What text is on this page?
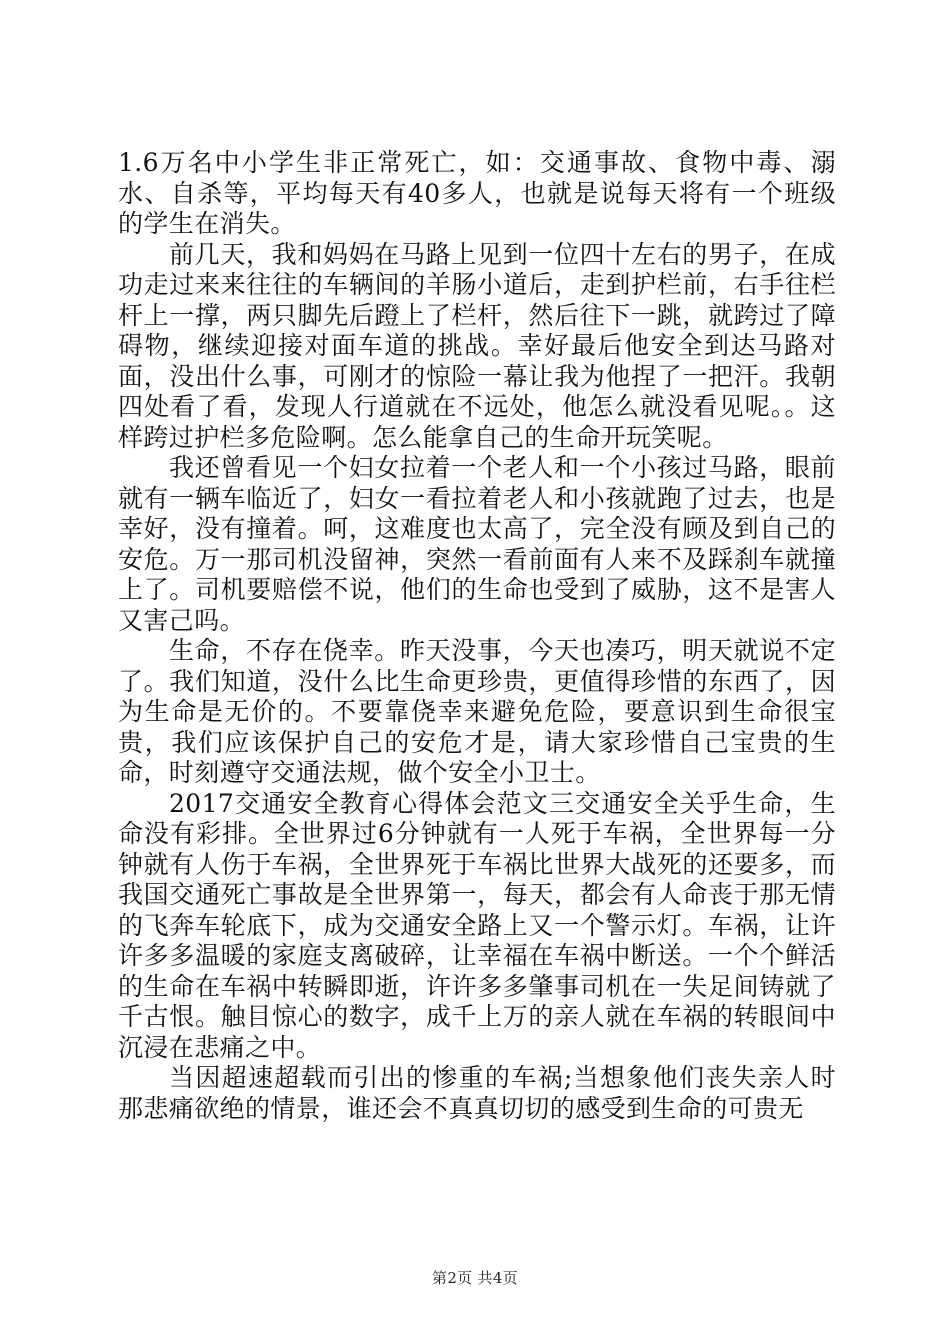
1.6万名中小学生非正常死亡，如：交通事故、食物中毒、溺水、自杀等，平均每天有40多人，也就是说每天将有一个班级的学生在消失。

前几天，我和妈妈在马路上见到一位四十左右的男子，在成功走过来来往往的车辆间的羊肠小道后，走到护栏前，右手往栏杆上一撑，两只脚先后蹬上了栏杆，然后往下一跳，就跨过了障碍物，继续迎接对面车道的挑战。幸好最后他安全到达马路对面，没出什么事，可刚才的惊险一幕让我为他捏了一把汗。我朝四处看了看，发现人行道就在不远处，他怎么就没看见呢。。这样跨过护栏多危险啊。怎么能拿自己的生命开玩笑呢。

我还曾看见一个妇女拉着一个老人和一个小孩过马路，眼前就有一辆车临近了，妇女一看拉着老人和小孩就跑了过去，也是幸好，没有撞着。呵，这难度也太高了，完全没有顾及到自己的安危。万一那司机没留神，突然一看前面有人来不及踩刹车就撞上了。司机要赔偿不说，他们的生命也受到了威胁，这不是害人又害己吗。

生命，不存在侥幸。昨天没事，今天也凑巧，明天就说不定了。我们知道，没什么比生命更珍贵，更值得珍惜的东西了，因为生命是无价的。不要靠侥幸来避免危险，要意识到生命很宝贵，我们应该保护自己的安危才是，请大家珍惜自己宝贵的生命，时刻遵守交通法规，做个安全小卫士。

2017交通安全教育心得体会范文三交通安全关乎生命，生命没有彩排。全世界过6分钟就有一人死于车祸，全世界每一分钟就有人伤于车祸，全世界死于车祸比世界大战死的还要多，而我国交通死亡事故是全世界第一，每天，都会有人命丧于那无情的飞奔车轮底下，成为交通安全路上又一个警示灯。车祸，让许许多多温暖的家庭支离破碎，让幸福在车祸中断送。一个个鲜活的生命在车祸中转瞬即逝，许许多多肇事司机在一失足间铸就了千古恨。触目惊心的数字，成千上万的亲人就在车祸的转眼间中沉浸在悲痛之中。

当因超速超载而引出的惨重的车祸;当想象他们丧失亲人时那悲痛欲绝的情景，谁还会不真真切切的感受到生命的可贵无

第2页 共4页
